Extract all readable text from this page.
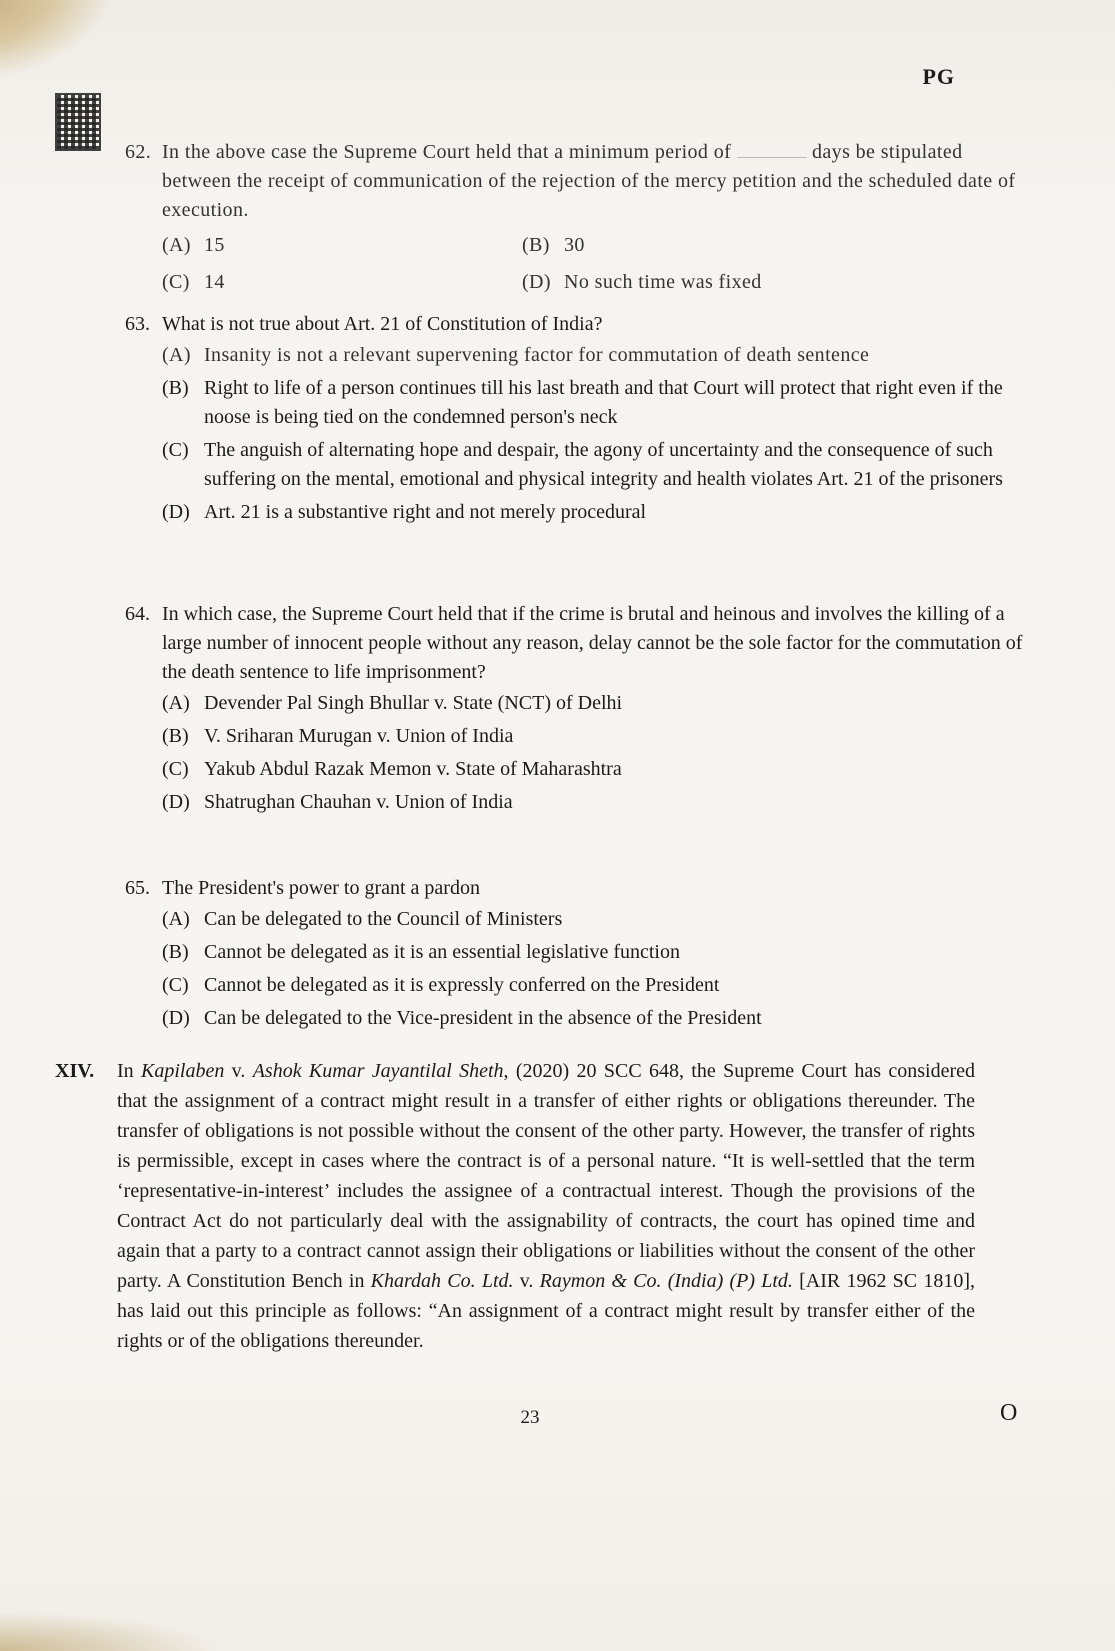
PG
62. In the above case the Supreme Court held that a minimum period of	days be stipulated between the receipt of communication of the rejection of the mercy petition and the scheduled date of execution.
(A) 15	(B) 30
(C) 14	(D) No such time was fixed
63. What is not true about Art. 21 of Constitution of India?
(A) Insanity is not a relevant supervening factor for commutation of death sentence
(B) Right to life of a person continues till his last breath and that Court will protect that right even if the noose is being tied on the condemned person's neck
(C) The anguish of alternating hope and despair, the agony of uncertainty and the consequence of such suffering on the mental, emotional and physical integrity and health violates Art. 21 of the prisoners
(D) Art. 21 is a substantive right and not merely procedural
64. In which case, the Supreme Court held that if the crime is brutal and heinous and involves the killing of a large number of innocent people without any reason, delay cannot be the sole factor for the commutation of the death sentence to life imprisonment?
(A) Devender Pal Singh Bhullar v. State (NCT) of Delhi
(B) V. Sriharan Murugan v. Union of India
(C) Yakub Abdul Razak Memon v. State of Maharashtra
(D) Shatrughan Chauhan v. Union of India
65. The President's power to grant a pardon
(A) Can be delegated to the Council of Ministers
(B) Cannot be delegated as it is an essential legislative function
(C) Cannot be delegated as it is expressly conferred on the President
(D) Can be delegated to the Vice-president in the absence of the President
XIV. In Kapilaben v. Ashok Kumar Jayantilal Sheth, (2020) 20 SCC 648, the Supreme Court has considered that the assignment of a contract might result in a transfer of either rights or obligations thereunder. The transfer of obligations is not possible without the consent of the other party. However, the transfer of rights is permissible, except in cases where the contract is of a personal nature. “It is well-settled that the term ‘representative-in-interest’ includes the assignee of a contractual interest. Though the provisions of the Contract Act do not particularly deal with the assignability of contracts, the court has opined time and again that a party to a contract cannot assign their obligations or liabilities without the consent of the other party. A Constitution Bench in Khardah Co. Ltd. v. Raymon & Co. (India) (P) Ltd. [AIR 1962 SC 1810], has laid out this principle as follows: “An assignment of a contract might result by transfer either of the rights or of the obligations thereunder.
23	O
